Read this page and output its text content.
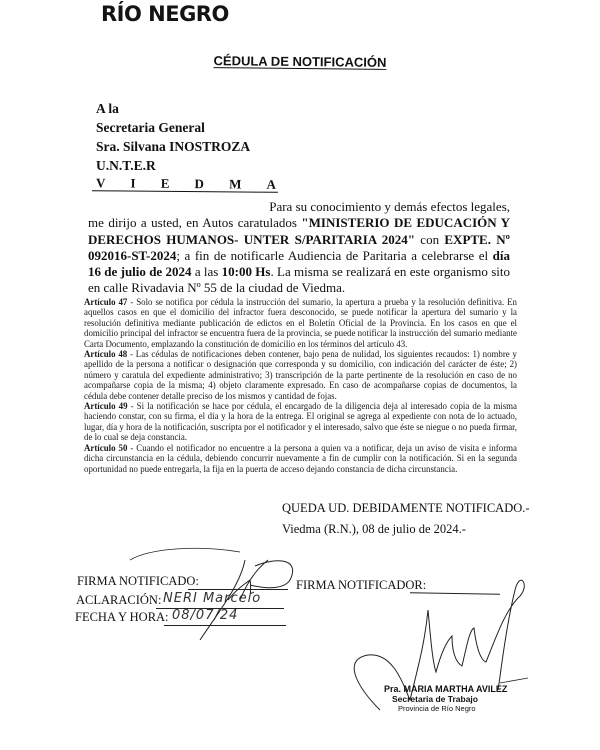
RÍO NEGRO
CÉDULA DE NOTIFICACIÓN
A la
Secretaria General
Sra. Silvana INOSTROZA
U.N.T.E.R
V I E D M A
Para su conocimiento y demás efectos legales,
me dirijo a usted, en Autos caratulados "MINISTERIO DE EDUCACIÓN Y DERECHOS HUMANOS- UNTER S/PARITARIA 2024" con EXPTE. Nº 092016-ST-2024; a fin de notificarle Audiencia de Paritaria a celebrarse el día 16 de julio de 2024 a las 10:00 Hs. La misma se realizará en este organismo sito en calle Rivadavia Nº 55 de la ciudad de Viedma.

Artículo 47 - Solo se notifica por cédula la instrucción del sumario, la apertura a prueba y la resolución definitiva. En aquellos casos en que el domicilio del infractor fuera desconocido, se puede notificar la apertura del sumario y la resolución definitiva mediante publicación de edictos en el Boletín Oficial de la Provincia. En los casos en que el domicilio principal del infractor se encuentra fuera de la provincia, se puede notificar la instrucción del sumario mediante Carta Documento, emplazando la constitución de domicilio en los términos del artículo 43.

Artículo 48 - Las cédulas de notificaciones deben contener, bajo pena de nulidad, los siguientes recaudos: 1) nombre y apellido de la persona a notificar o designación que corresponda y su domicilio, con indicación del carácter de éste; 2) número y caratula del expediente administrativo; 3) transcripción de la parte pertinente de la resolución en caso de no acompañarse copia de la misma; 4) objeto claramente expresado. En caso de acompañarse copias de documentos, la cédula debe contener detalle preciso de los mismos y cantidad de fojas.

Artículo 49 - Si la notificación se hace por cédula, el encargado de la diligencia deja al interesado copia de la misma haciendo constar, con su firma, el día y la hora de la entrega. El original se agrega al expediente con nota de lo actuado, lugar, día y hora de la notificación, suscripta por el notificador y el interesado, salvo que éste se niegue o no pueda firmar, de lo cual se deja constancia.

Artículo 50 - Cuando el notificador no encuentre a la persona a quien va a notificar, deja un aviso de visita e informa dicha circunstancia en la cédula, debiendo concurrir nuevamente a fin de cumplir con la notificación. Si en la segunda oportunidad no puede entregarla, la fija en la puerta de acceso dejando constancia de dicha circunstancia.

QUEDA UD. DEBIDAMENTE NOTIFICADO.-
Viedma (R.N.), 08 de julio de 2024.-
FIRMA NOTIFICADO:
ACLARACIÓN: NERI Marcelo
FECHA Y HORA: 08/07/24
FIRMA NOTIFICADOR:
Pra. MARIA MARTHA AVILEZ
Secretaria de Trabajo
Provincia de Río Negro
